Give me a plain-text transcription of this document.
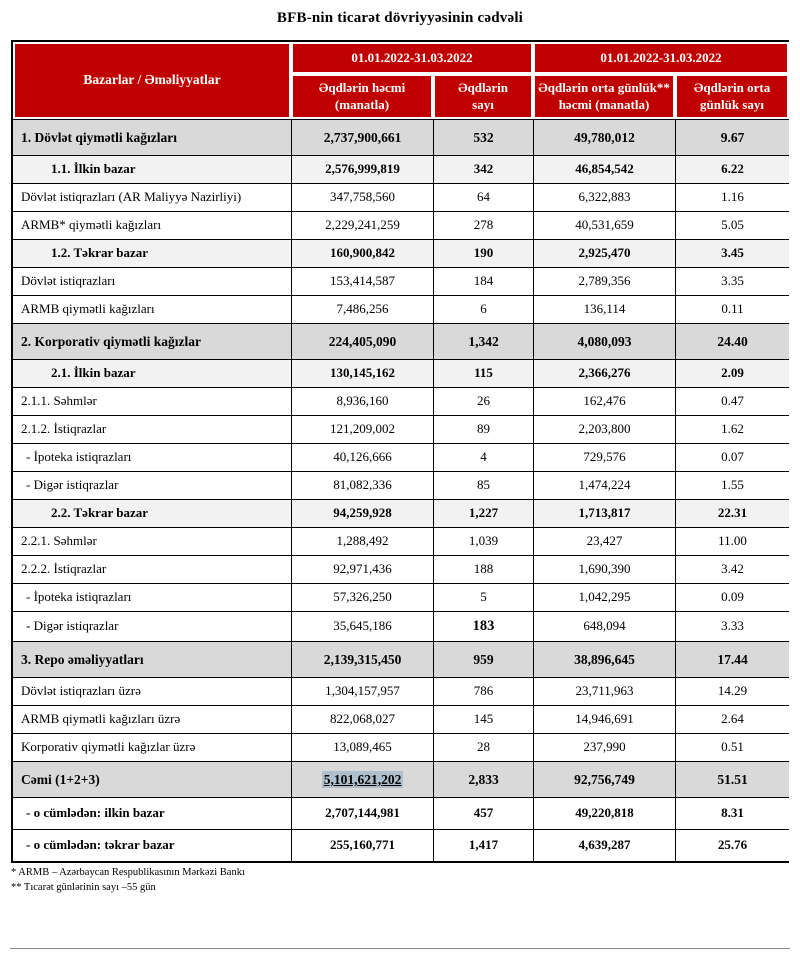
BFB-nin ticarət dövriyyəsinin cədvəli
Bazarlar / Əməliyyatlar	01.01.2022-31.03.2022		01.01.2022-31.03.2022	
	Əqdlərin həcmi (manatla)	Əqdlərin sayı	Əqdlərin orta günlük** həcmi (manatla)	Əqdlərin orta günlük sayı
1. Dövlət qiymətli kağızları	2,737,900,661	532	49,780,012	9.67
1.1. İlkin bazar	2,576,999,819	342	46,854,542	6.22
Dövlət istiqrazları (AR Maliyyə Nazirliyi)	347,758,560	64	6,322,883	1.16
ARMB* qiymətli kağızları	2,229,241,259	278	40,531,659	5.05
1.2. Təkrar bazar	160,900,842	190	2,925,470	3.45
Dövlət istiqrazları	153,414,587	184	2,789,356	3.35
ARMB qiymətli kağızları	7,486,256	6	136,114	0.11
2. Korporativ qiymətli kağızlar	224,405,090	1,342	4,080,093	24.40
2.1. İlkin bazar	130,145,162	115	2,366,276	2.09
2.1.1. Səhmlər	8,936,160	26	162,476	0.47
2.1.2. İstiqrazlar	121,209,002	89	2,203,800	1.62
- İpoteka istiqrazları	40,126,666	4	729,576	0.07
- Digər istiqrazlar	81,082,336	85	1,474,224	1.55
2.2. Təkrar bazar	94,259,928	1,227	1,713,817	22.31
2.2.1. Səhmlər	1,288,492	1,039	23,427	11.00
2.2.2. İstiqrazlar	92,971,436	188	1,690,390	3.42
- İpoteka istiqrazları	57,326,250	5	1,042,295	0.09
- Digər istiqrazlar	35,645,186	183	648,094	3.33
3. Repo əməliyyatları	2,139,315,450	959	38,896,645	17.44
Dövlət istiqrazları üzrə	1,304,157,957	786	23,711,963	14.29
ARMB qiymətli kağızları üzrə	822,068,027	145	14,946,691	2.64
Korporativ qiymətli kağızlar üzrə	13,089,465	28	237,990	0.51
Cəmi (1+2+3)	5,101,621,202	2,833	92,756,749	51.51
- o cümlədən: ilkin bazar	2,707,144,981	457	49,220,818	8.31
- o cümlədən: təkrar bazar	255,160,771	1,417	4,639,287	25.76
* ARMB – Azərbaycan Respublikasının Mərkəzi Bankı
** Tıcarət günlərinin sayı –55 gün
